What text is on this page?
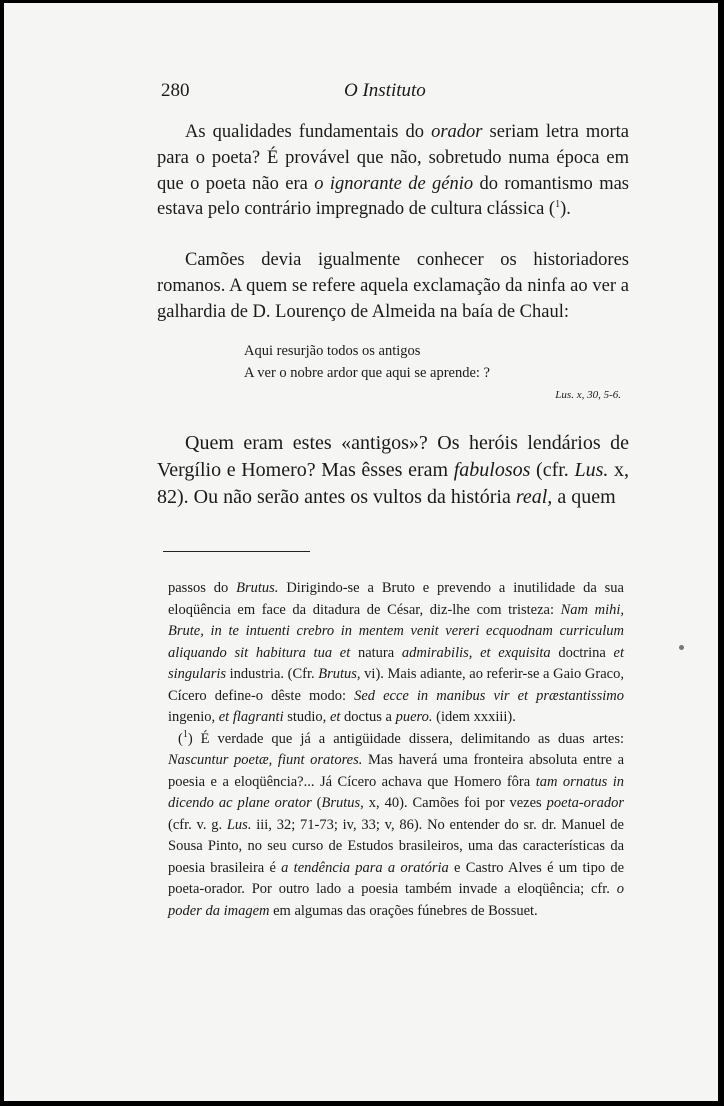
280	O Instituto

As qualidades fundamentais do orador seriam letra morta para o poeta? É provável que não, sobretudo numa época em que o poeta não era o ignorante de génio do romantismo mas estava pelo contrário impregnado de cultura clássica ($^1$).

Camões devia igualmente conhecer os historiadores romanos. A quem se refere aquela exclamação da ninfa ao ver a galhardia de D. Lourenço de Almeida na baía de Chaul:

Aqui resurjão todos os antigos

A ver o nobre ardor que aqui se aprende: ?

Lus. x, 30, 5-6.

Quem eram estes «antigos»? Os heróis lendários de Vergílio e Homero? Mas êsses eram fabulosos (cfr. Lus. x, 82). Ou não serão antes os vultos da história real, a quem

passos do Brutus. Dirigindo-se a Bruto e prevendo a inutilidade da sua eloqüência em face da ditadura de César, diz-lhe com tristeza: Nam mihi, Brute, in te intuenti crebro in mentem venit vereri ecquodnam curriculum aliquando sit habitura tua et natura admirabilis, et exquisita doctrina et singularis industria. (Cfr. Brutus, vi). Mais adiante, ao referir-se a Gaio Graco, Cícero define-o dêste modo: Sed ecce in manibus vir et præstantissimo ingenio, et flagranti studio, et doctus a puero. (idem xxxiii).

($^1$) É verdade que já a antigüidade dissera, delimitando as duas artes: Nascuntur poetæ, fiunt oratores. Mas haverá uma fronteira absoluta entre a poesia e a eloqüência?... Já Cícero achava que Homero fôra tam ornatus in dicendo ac plane orator (Brutus, x, 40). Camões foi por vezes poeta-orador (cfr. v. g. Lus. iii, 32; 71-73; iv, 33; v, 86). No entender do sr. dr. Manuel de Sousa Pinto, no seu curso de Estudos brasileiros, uma das características da poesia brasileira é a tendência para a oratória e Castro Alves é um tipo de poeta-orador. Por outro lado a poesia também invade a eloqüência; cfr. o poder da imagem em algumas das orações fúnebres de Bossuet.
